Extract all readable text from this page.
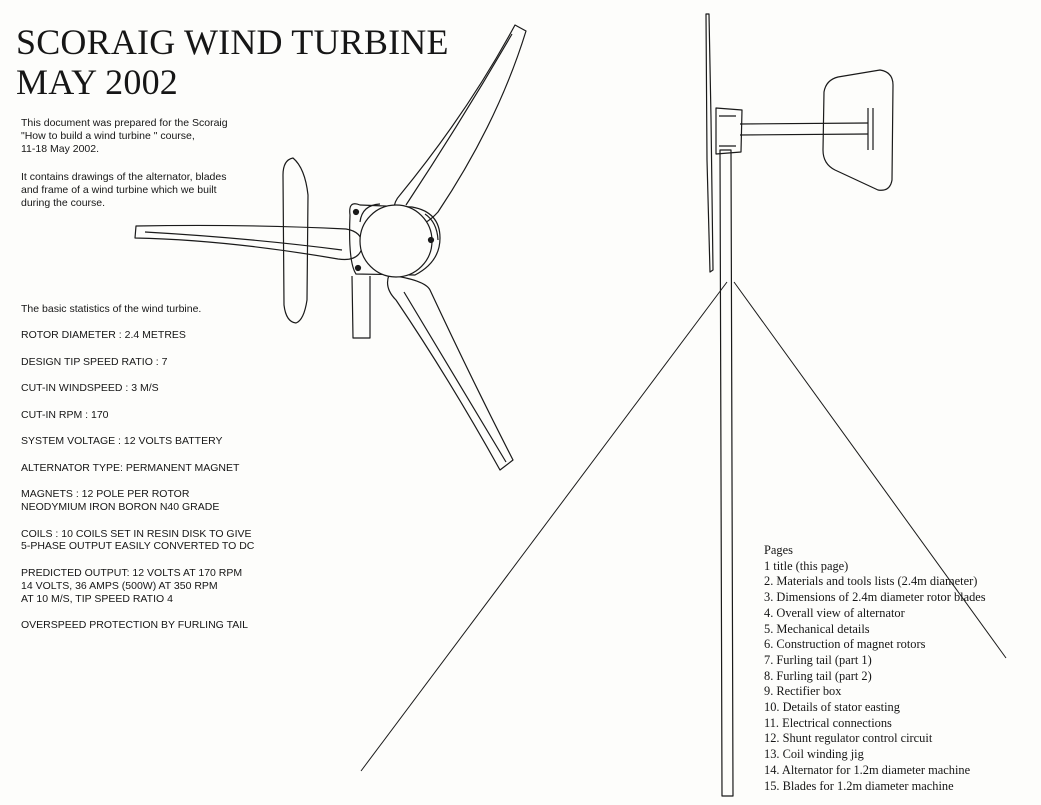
SCORAIG WIND TURBINE
MAY 2002

This document was prepared for the Scoraig
"How to build a wind turbine " course,
11-18 May 2002.

It contains drawings of the alternator, blades
and frame of a wind turbine which we built
during the course.

The basic statistics of the wind turbine.
ROTOR DIAMETER : 2.4 METRES
DESIGN TIP SPEED RATIO : 7
CUT-IN WINDSPEED : 3 M/S
CUT-IN RPM : 170
SYSTEM VOLTAGE : 12 VOLTS BATTERY
ALTERNATOR TYPE: PERMANENT MAGNET
MAGNETS : 12 POLE PER ROTOR
NEODYMIUM IRON BORON N40 GRADE
COILS : 10 COILS SET IN RESIN DISK TO GIVE
5-PHASE OUTPUT EASILY CONVERTED TO DC
PREDICTED OUTPUT: 12 VOLTS AT 170 RPM
14 VOLTS, 36 AMPS (500W) AT 350 RPM
AT 10 M/S, TIP SPEED RATIO 4
OVERSPEED PROTECTION BY FURLING TAIL

Pages

1 title (this page)
2. Materials and tools lists (2.4m diameter)
3. Dimensions of 2.4m diameter rotor blades
4. Overall view of alternator
5. Mechanical details
6. Construction of magnet rotors
7. Furling tail (part 1)
8. Furling tail (part 2)
9. Rectifier box
10. Details of stator easting
11. Electrical connections
12. Shunt regulator control circuit
13. Coil winding jig
14. Alternator for 1.2m diameter machine
15. Blades for 1.2m diameter machine
